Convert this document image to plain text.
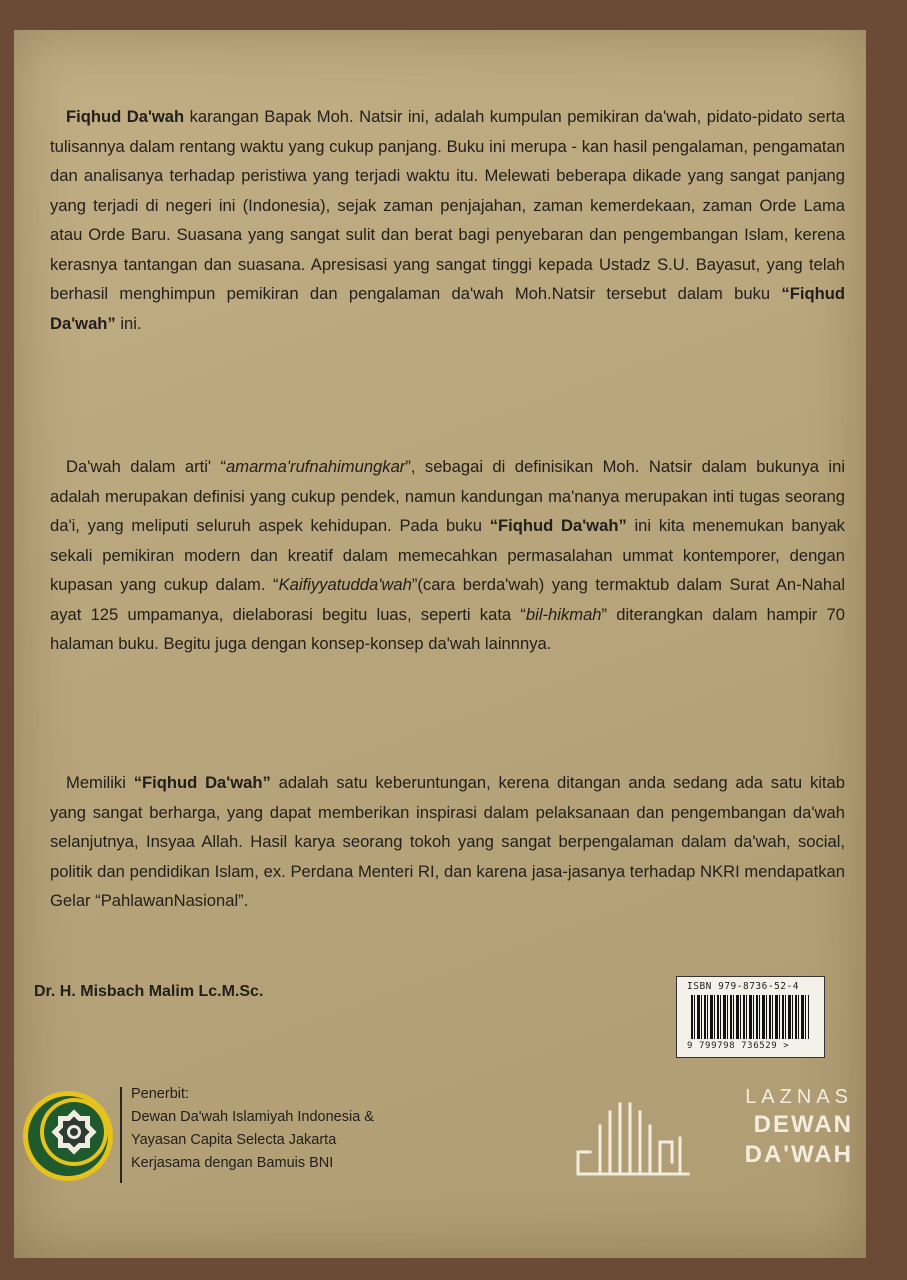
Fiqhud Da'wah karangan Bapak Moh. Natsir ini, adalah kumpulan pemikiran da'wah, pidato-pidato serta tulisannya dalam rentang waktu yang cukup panjang. Buku ini merupa - kan hasil pengalaman, pengamatan dan analisanya terhadap peristiwa yang terjadi waktu itu. Melewati beberapa dikade yang sangat panjang yang terjadi di negeri ini (Indonesia), sejak zaman penjajahan, zaman kemerdekaan, zaman Orde Lama atau Orde Baru. Suasana yang sangat sulit dan berat bagi penyebaran dan pengembangan Islam, kerena kerasnya tantangan dan suasana. Apresisasi yang sangat tinggi kepada Ustadz S.U. Bayasut, yang telah berhasil menghimpun pemikiran dan pengalaman da'wah Moh.Natsir tersebut dalam buku “Fiqhud Da'wah” ini.

Da'wah dalam arti' “amarma'rufnahimungkar”, sebagai di definisikan Moh. Natsir dalam bukunya ini adalah merupakan definisi yang cukup pendek, namun kandungan ma'nanya merupakan inti tugas seorang da'i, yang meliputi seluruh aspek kehidupan. Pada buku “Fiqhud Da'wah” ini kita menemukan banyak sekali pemikiran modern dan kreatif dalam memecahkan permasalahan ummat kontemporer, dengan kupasan yang cukup dalam. “Kaifiyyatudda'wah”(cara berda'wah) yang termaktub dalam Surat An-Nahal ayat 125 umpamanya, dielaborasi begitu luas, seperti kata “bil-hikmah” diterangkan dalam hampir 70 halaman buku. Begitu juga dengan konsep-konsep da'wah lainnnya.

Memiliki “Fiqhud Da'wah” adalah satu keberuntungan, kerena ditangan anda sedang ada satu kitab yang sangat berharga, yang dapat memberikan inspirasi dalam pelaksanaan dan pengembangan da'wah selanjutnya, Insyaa Allah. Hasil karya seorang tokoh yang sangat berpengalaman dalam da'wah, social, politik dan pendidikan Islam, ex. Perdana Menteri RI, dan karena jasa-jasanya terhadap NKRI mendapatkan Gelar “PahlawanNasional”.

Dr. H. Misbach Malim Lc.M.Sc.	ISBN 979-8736-52-4
9 799798 736529 >
Penerbit:
Dewan Da'wah Islamiyah Indonesia &
Yayasan Capita Selecta Jakarta
Kerjasama dengan Bamuis BNI
LAZNAS
DEWAN
DA'WAH
